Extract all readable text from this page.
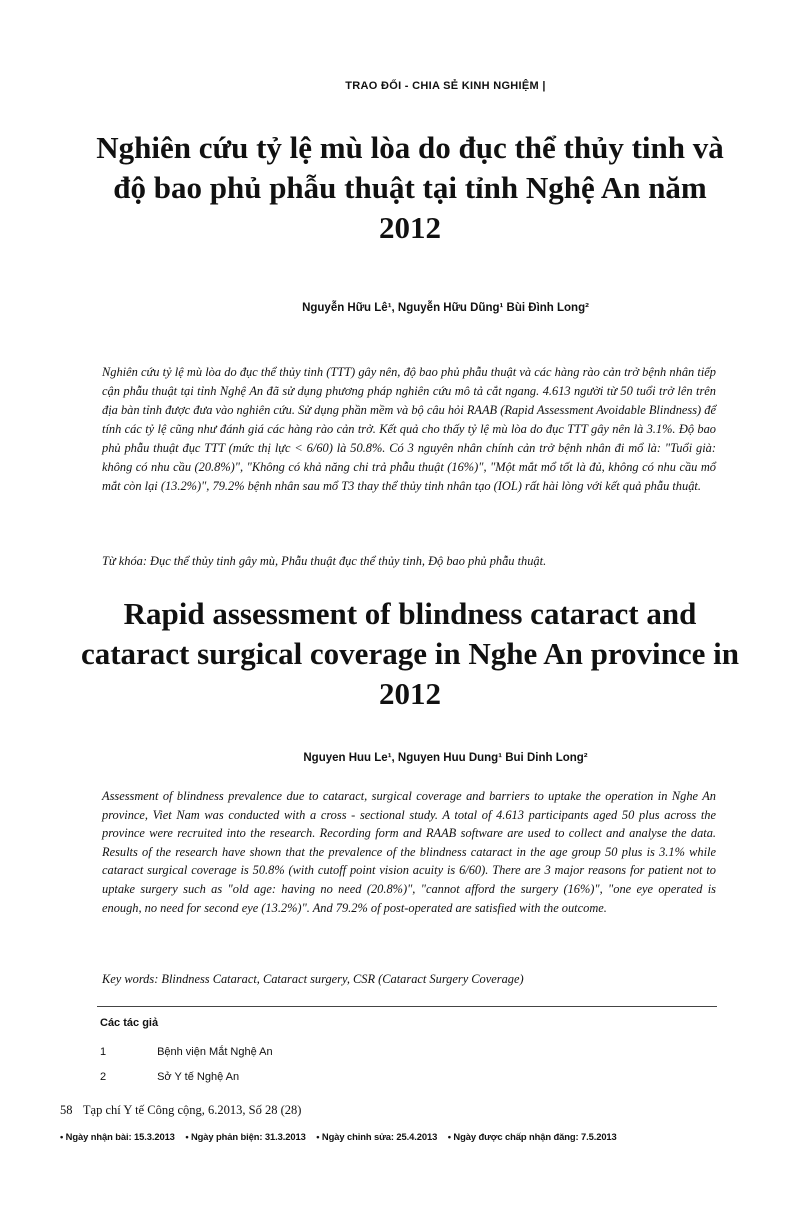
TRAO ĐỔI - CHIA SẺ KINH NGHIỆM |
Nghiên cứu tỷ lệ mù lòa do đục thể thủy tinh và độ bao phủ phẫu thuật tại tỉnh Nghệ An năm 2012
Nguyễn Hữu Lê¹, Nguyễn Hữu Dũng¹ Bùi Đình Long²

Nghiên cứu tỷ lệ mù lòa do đục thể thủy tinh (TTT) gây nên, độ bao phủ phẫu thuật và các hàng rào cản trở bệnh nhân tiếp cận phẫu thuật tại tỉnh Nghệ An đã sử dụng phương pháp nghiên cứu mô tả cắt ngang. 4.613 người từ 50 tuổi trở lên trên địa bàn tỉnh được đưa vào nghiên cứu. Sử dụng phần mềm và bộ câu hỏi RAAB (Rapid Assessment Avoidable Blindness) để tính các tỷ lệ cũng như đánh giá các hàng rào cản trở. Kết quả cho thấy tỷ lệ mù lòa do đục TTT gây nên là 3.1%. Độ bao phủ phẫu thuật đục TTT (mức thị lực < 6/60) là 50.8%. Có 3 nguyên nhân chính cản trở bệnh nhân đi mổ là: "Tuổi già: không có nhu cầu (20.8%)", "Không có khả năng chi trả phẫu thuật (16%)", "Một mắt mổ tốt là đủ, không có nhu cầu mổ mắt còn lại (13.2%)", 79.2% bệnh nhân sau mổ T3 thay thể thủy tinh nhân tạo (IOL) rất hài lòng với kết quả phẫu thuật.

Từ khóa: Đục thể thủy tinh gây mù, Phẫu thuật đục thể thủy tinh, Độ bao phủ phẫu thuật.

Rapid assessment of blindness cataract and cataract surgical coverage in Nghe An province in 2012
Nguyen Huu Le¹, Nguyen Huu Dung¹ Bui Dinh Long²

Assessment of blindness prevalence due to cataract, surgical coverage and barriers to uptake the operation in Nghe An province, Viet Nam was conducted with a cross - sectional study. A total of 4.613 participants aged 50 plus across the province were recruited into the research. Recording form and RAAB software are used to collect and analyse the data. Results of the research have shown that the prevalence of the blindness cataract in the age group 50 plus is 3.1% while cataract surgical coverage is 50.8% (with cutoff point vision acuity is 6/60). There are 3 major reasons for patient not to uptake surgery such as "old age: having no need (20.8%)", "cannot afford the surgery (16%)", "one eye operated is enough, no need for second eye (13.2%)". And 79.2% of post-operated are satisfied with the outcome.

Key words: Blindness Cataract, Cataract surgery, CSR (Cataract Surgery Coverage)

Các tác giả
1	Bệnh viện Mắt Nghệ An
2	Sở Y tế Nghệ An
58 Tạp chí Y tế Công cộng, 6.2013, Số 28 (28)
• Ngày nhận bài: 15.3.2013 • Ngày phản biện: 31.3.2013 • Ngày chỉnh sửa: 25.4.2013 • Ngày được chấp nhận đăng: 7.5.2013
